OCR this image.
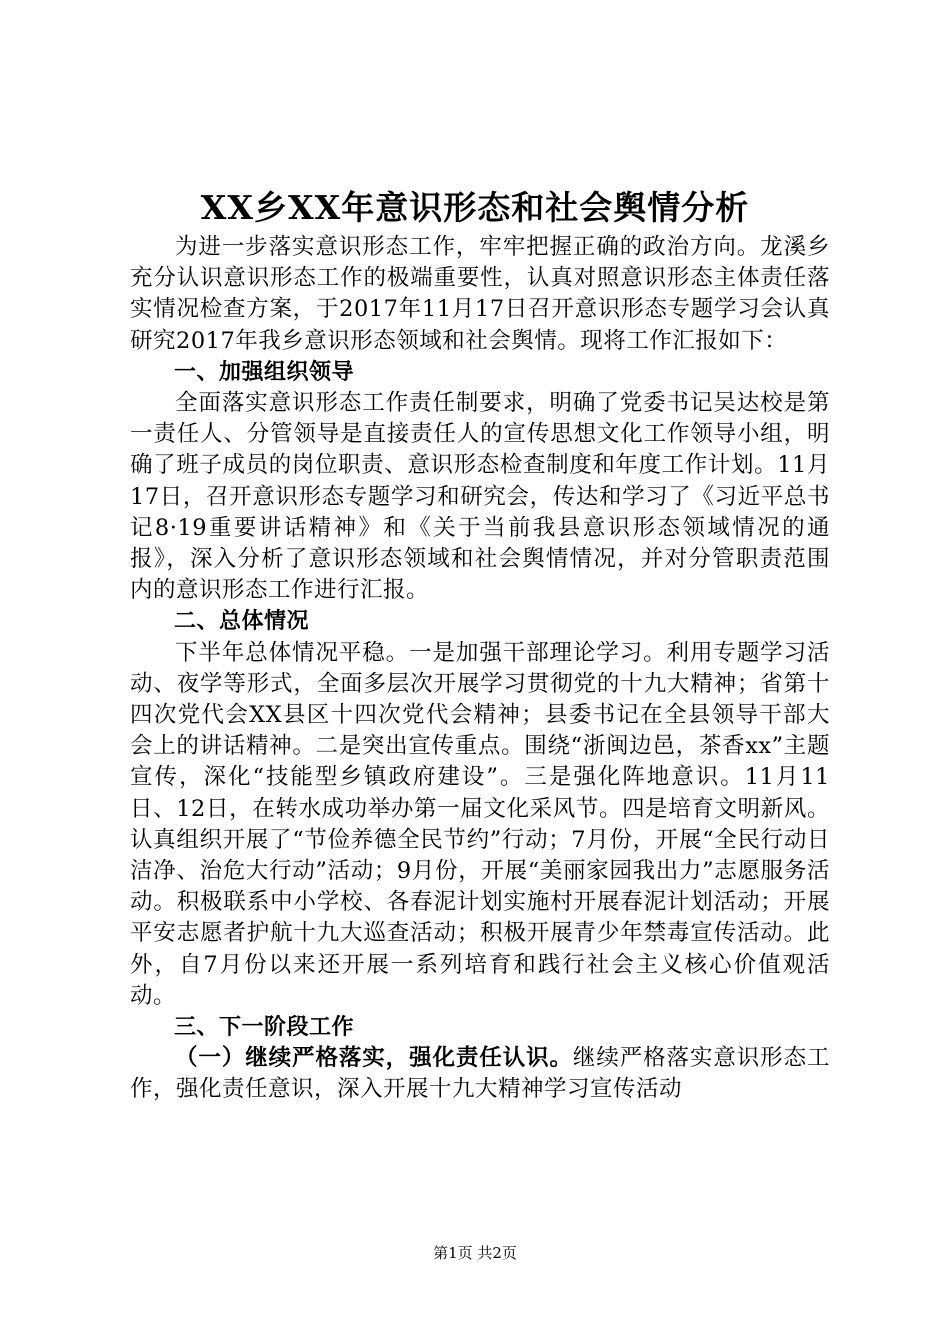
XX乡XX年意识形态和社会舆情分析

为进一步落实意识形态工作，牢牢把握正确的政治方向。龙溪乡充分认识意识形态工作的极端重要性，认真对照意识形态主体责任落实情况检查方案，于2017年11月17日召开意识形态专题学习会认真研究2017年我乡意识形态领域和社会舆情。现将工作汇报如下：

一、加强组织领导

全面落实意识形态工作责任制要求，明确了党委书记吴达校是第一责任人、分管领导是直接责任人的宣传思想文化工作领导小组，明确了班子成员的岗位职责、意识形态检查制度和年度工作计划。11月17日，召开意识形态专题学习和研究会，传达和学习了《习近平总书记8·19重要讲话精神》和《关于当前我县意识形态领域情况的通报》，深入分析了意识形态领域和社会舆情情况，并对分管职责范围内的意识形态工作进行汇报。

二、总体情况

下半年总体情况平稳。一是加强干部理论学习。利用专题学习活动、夜学等形式，全面多层次开展学习贯彻党的十九大精神；省第十四次党代会XX县区十四次党代会精神；县委书记在全县领导干部大会上的讲话精神。二是突出宣传重点。围绕“浙闽边邑，茶香xx”主题宣传，深化“技能型乡镇政府建设”。三是强化阵地意识。11月11日、12日，在转水成功举办第一届文化采风节。四是培育文明新风。认真组织开展了“节俭养德全民节约”行动；7月份，开展“全民行动日洁净、治危大行动”活动；9月份，开展“美丽家园我出力”志愿服务活动。积极联系中小学校、各春泥计划实施村开展春泥计划活动；开展平安志愿者护航十九大巡查活动；积极开展青少年禁毒宣传活动。此外，自7月份以来还开展一系列培育和践行社会主义核心价值观活动。

三、下一阶段工作

（一）继续严格落实，强化责任认识。继续严格落实意识形态工作，强化责任意识，深入开展十九大精神学习宣传活动

第1页 共2页
